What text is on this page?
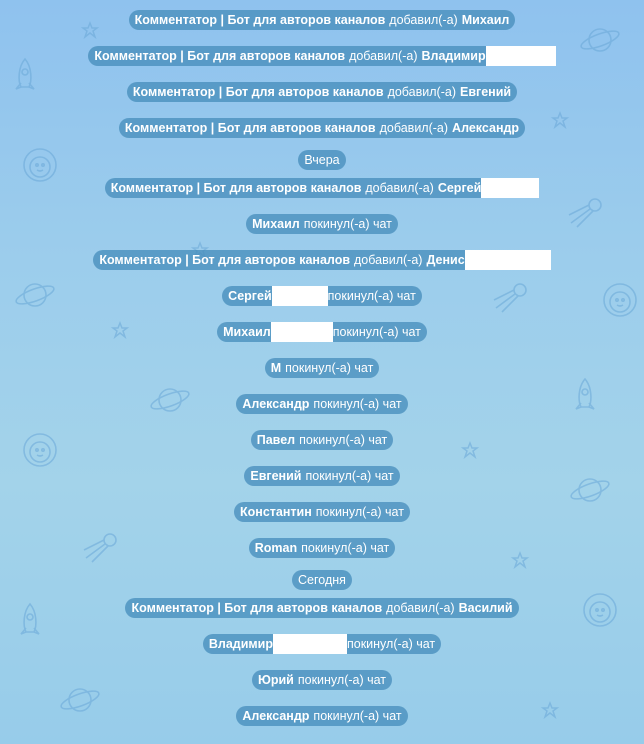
Комментатор | Бот для авторов каналов добавил(-а) Михаил
Комментатор | Бот для авторов каналов добавил(-а) Владимир
Комментатор | Бот для авторов каналов добавил(-а) Евгений
Комментатор | Бот для авторов каналов добавил(-а) Александр
Вчера
Комментатор | Бот для авторов каналов добавил(-а) Сергей
Михаил покинул(-а) чат
Комментатор | Бот для авторов каналов добавил(-а) Денис
Сергей	покинул(-а) чат
Михаил	покинул(-а) чат
М покинул(-а) чат
Александр покинул(-а) чат
Павел покинул(-а) чат
Евгений покинул(-а) чат
Константин покинул(-а) чат
Roman покинул(-а) чат
Сегодня
Комментатор | Бот для авторов каналов добавил(-а) Василий
Владимир	покинул(-а) чат
Юрий покинул(-а) чат
Александр покинул(-а) чат
